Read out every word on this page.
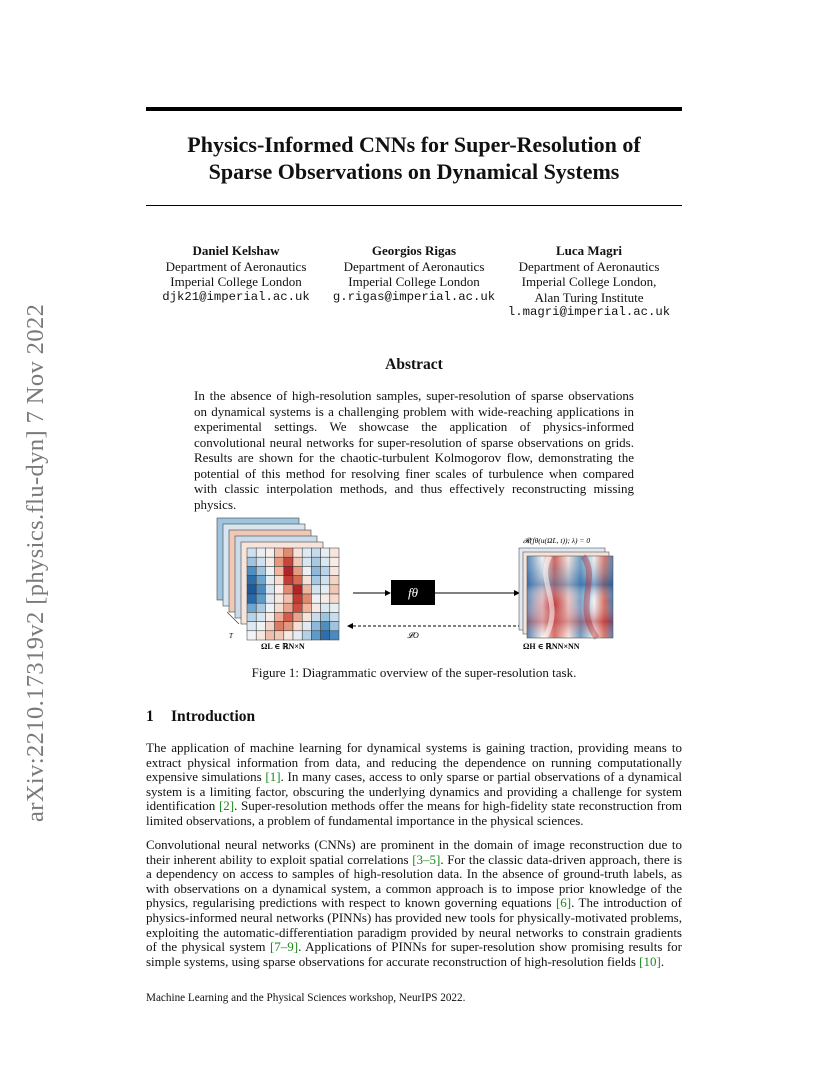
arXiv:2210.17319v2 [physics.flu-dyn] 7 Nov 2022
Physics-Informed CNNs for Super-Resolution of
Sparse Observations on Dynamical Systems
Daniel Kelshaw
Department of Aeronautics
Imperial College London
djk21@imperial.ac.uk
Georgios Rigas
Department of Aeronautics
Imperial College London
g.rigas@imperial.ac.uk
Luca Magri
Department of Aeronautics
Imperial College London,
Alan Turing Institute
l.magri@imperial.ac.uk
Abstract
In the absence of high-resolution samples, super-resolution of sparse observations on dynamical systems is a challenging problem with wide-reaching applications in experimental settings. We showcase the application of physics-informed convolutional neural networks for super-resolution of sparse observations on grids. Results are shown for the chaotic-turbulent Kolmogorov flow, demonstrating the potential of this method for resolving finer scales of turbulence when compared with classic interpolation methods, and thus effectively reconstructing missing physics.
T
ΩL ∈ ℝN×N
fθ
𝓛O
𝓡(fθ(u(ΩL, t)); λ) = 0
ΩH ∈ ℝNN×NN
Figure 1: Diagrammatic overview of the super-resolution task.
1 Introduction
The application of machine learning for dynamical systems is gaining traction, providing means to extract physical information from data, and reducing the dependence on running computationally expensive simulations [1]. In many cases, access to only sparse or partial observations of a dynamical system is a limiting factor, obscuring the underlying dynamics and providing a challenge for system identification [2]. Super-resolution methods offer the means for high-fidelity state reconstruction from limited observations, a problem of fundamental importance in the physical sciences.
Convolutional neural networks (CNNs) are prominent in the domain of image reconstruction due to their inherent ability to exploit spatial correlations [3–5]. For the classic data-driven approach, there is a dependency on access to samples of high-resolution data. In the absence of ground-truth labels, as with observations on a dynamical system, a common approach is to impose prior knowledge of the physics, regularising predictions with respect to known governing equations [6]. The introduction of physics-informed neural networks (PINNs) has provided new tools for physically-motivated problems, exploiting the automatic-differentiation paradigm provided by neural networks to constrain gradients of the physical system [7–9]. Applications of PINNs for super-resolution show promising results for simple systems, using sparse observations for accurate reconstruction of high-resolution fields [10].
Machine Learning and the Physical Sciences workshop, NeurIPS 2022.
